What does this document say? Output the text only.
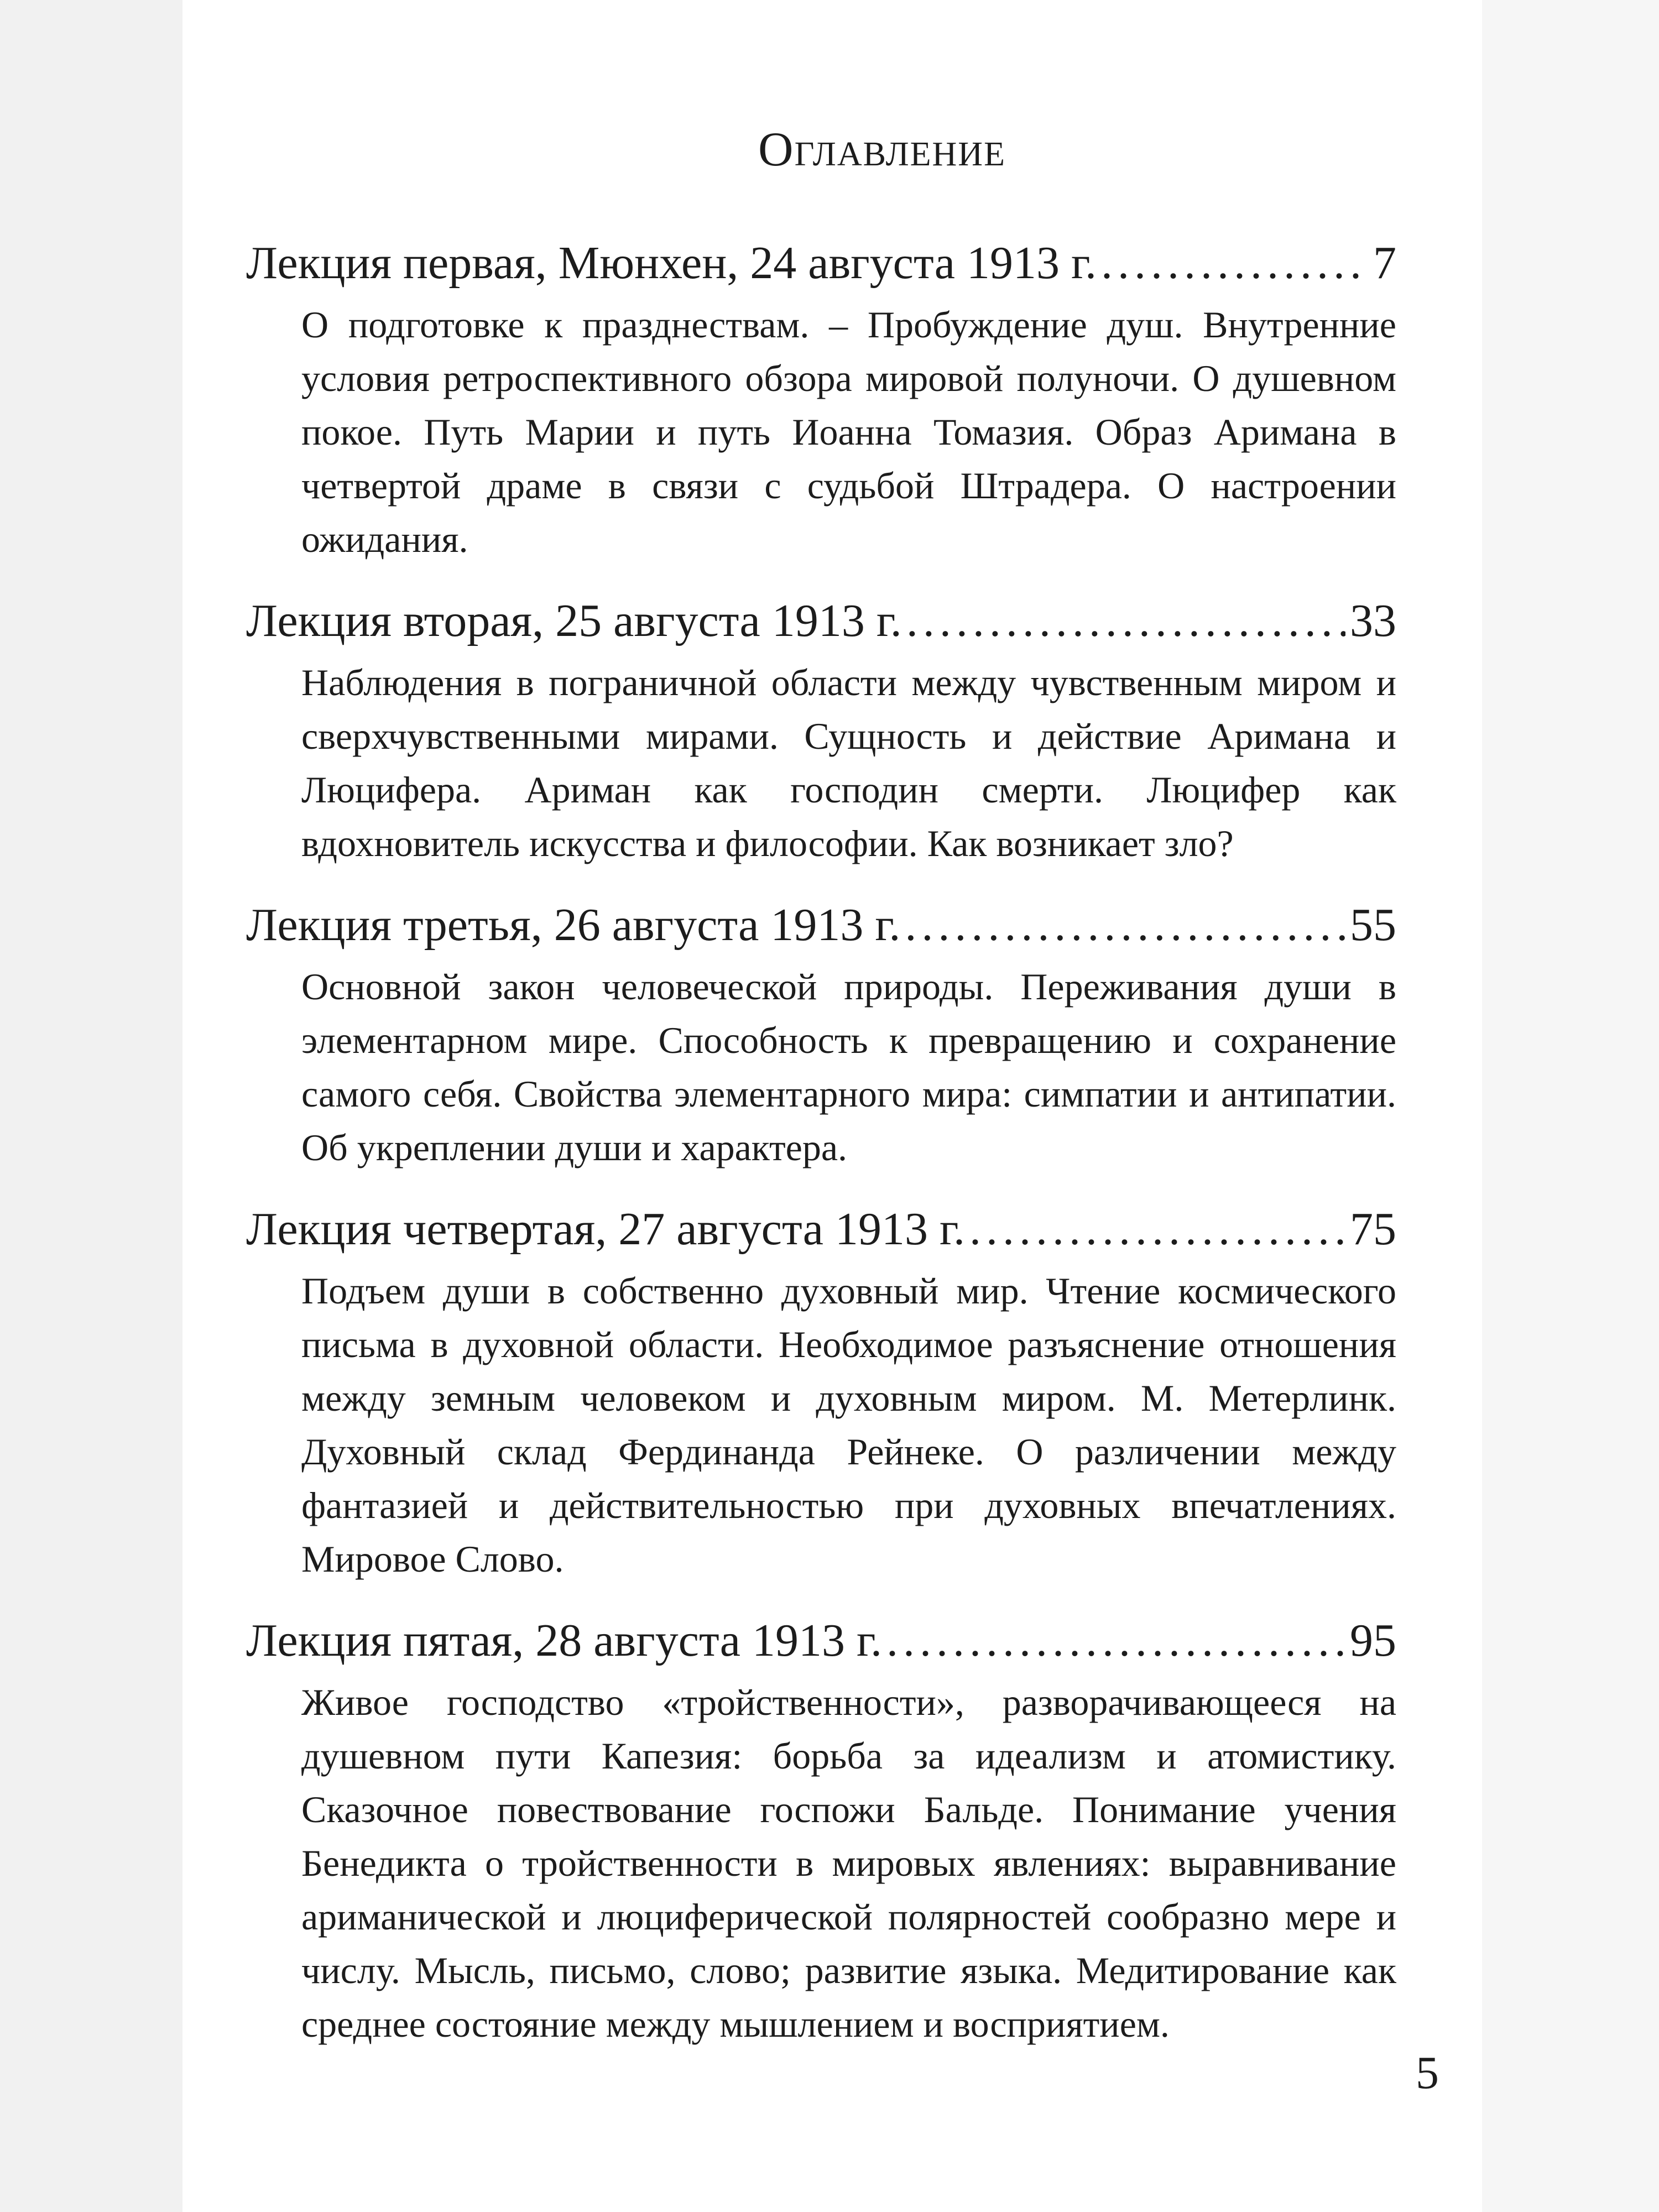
Оглавление
Лекция первая, Мюнхен, 24 августа 1913 г. . . .	7
О подготовке к празднествам. – Пробуждение душ. Внутренние условия ретроспективного обзора мировой полуночи. О душевном покое. Путь Марии и путь Иоанна Томазия. Образ Аримана в четвертой драме в связи с судьбой Штрадера. О настроении ожидания.
Лекция вторая, 25 августа 1913 г. . . .	33
Наблюдения в пограничной области между чувственным миром и сверхчувственными мирами. Сущность и действие Аримана и Люцифера. Ариман как господин смерти. Люцифер как вдохновитель искусства и философии. Как возникает зло?
Лекция третья, 26 августа 1913 г. . . .	55
Основной закон человеческой природы. Переживания души в элементарном мире. Способность к превращению и сохранение самого себя. Свойства элементарного мира: симпатии и антипатии. Об укреплении души и характера.
Лекция четвертая, 27 августа 1913 г. . . .	75
Подъем души в собственно духовный мир. Чтение космического письма в духовной области. Необходимое разъяснение отношения между земным человеком и духовным миром. М. Метерлинк. Духовный склад Фердинанда Рейнеке. О различении между фантазией и действительностью при духовных впечатлениях. Мировое Слово.
Лекция пятая, 28 августа 1913 г. . . .	95
Живое господство «тройственности», разворачивающееся на душевном пути Капезия: борьба за идеализм и атомистику. Сказочное повествование госпожи Бальде. Понимание учения Бенедикта о тройственности в мировых явлениях: выравнивание ариманической и люциферической полярностей сообразно мере и числу. Мысль, письмо, слово; развитие языка. Медитирование как среднее состояние между мышлением и восприятием.
5
